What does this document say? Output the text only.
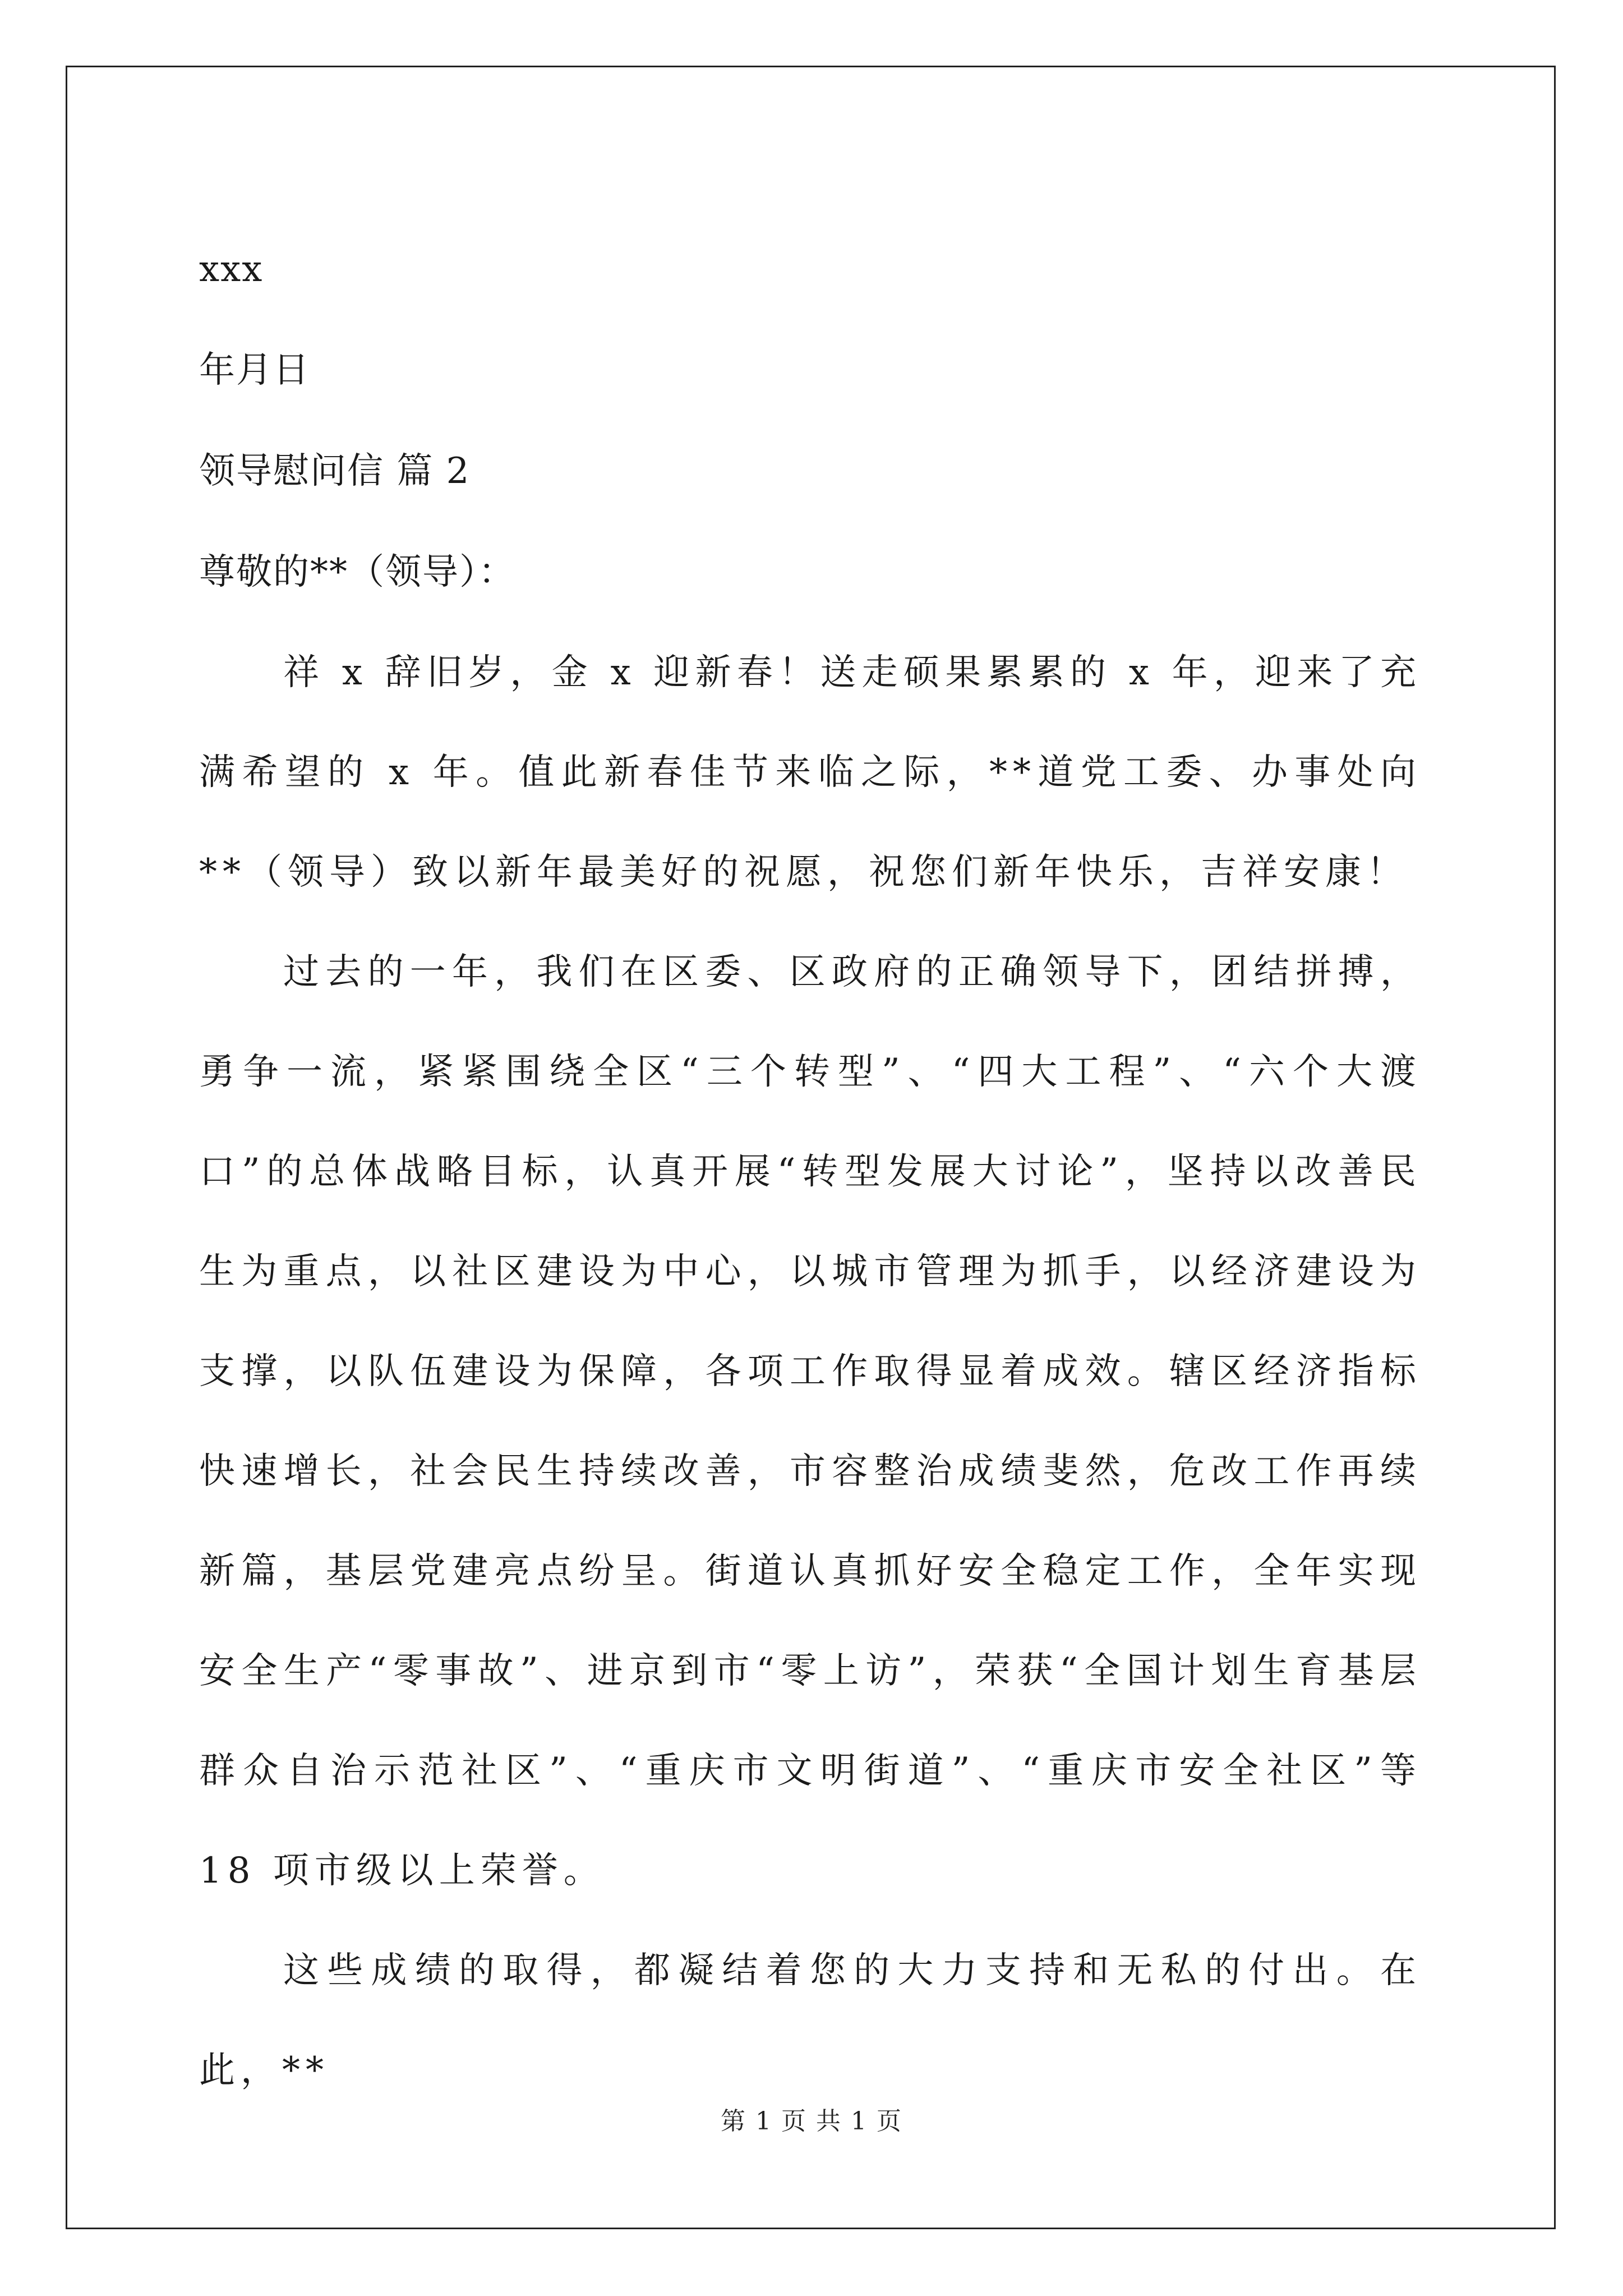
xxx
年月日
领导慰问信 篇 2
尊敬的**（领导）：

祥 x 辞旧岁，金 x 迎新春！送走硕果累累的 x 年，迎来了充满希望的 x 年。值此新春佳节来临之际，**道党工委、办事处向**（领导）致以新年最美好的祝愿，祝您们新年快乐，吉祥安康！

过去的一年，我们在区委、区政府的正确领导下，团结拼搏，勇争一流，紧紧围绕全区“三个转型”、“四大工程”、“六个大渡口”的总体战略目标，认真开展“转型发展大讨论”，坚持以改善民生为重点，以社区建设为中心，以城市管理为抓手，以经济建设为支撑，以队伍建设为保障，各项工作取得显着成效。辖区经济指标快速增长，社会民生持续改善，市容整治成绩斐然，危改工作再续新篇，基层党建亮点纷呈。街道认真抓好安全稳定工作，全年实现安全生产“零事故”、进京到市“零上访”，荣获“全国计划生育基层群众自治示范社区”、“重庆市文明街道”、“重庆市安全社区”等 18 项市级以上荣誉。

这些成绩的取得，都凝结着您的大力支持和无私的付出。在此，**

第 1 页 共 1 页
